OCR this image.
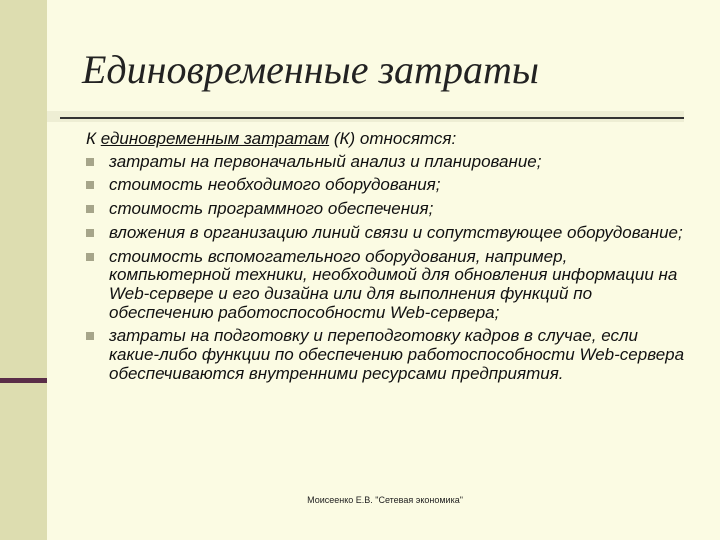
Единовременные затраты

К единовременным затратам (К) относятся:

затраты на первоначальный анализ и планирование;
стоимость необходимого оборудования;
стоимость программного обеспечения;
вложения в организацию линий связи и сопутствующее оборудование;
стоимость вспомогательного оборудования, например, компьютерной техники, необходимой для обновления информации на Web-сервере и его дизайна или для выполнения функций по обеспечению работоспособности Web-сервера;
затраты на подготовку и переподготовку кадров в случае, если какие-либо функции по обеспечению работоспособности Web-сервера обеспечиваются внутренними ресурсами предприятия.
Моисеенко Е.В. "Сетевая экономика"
